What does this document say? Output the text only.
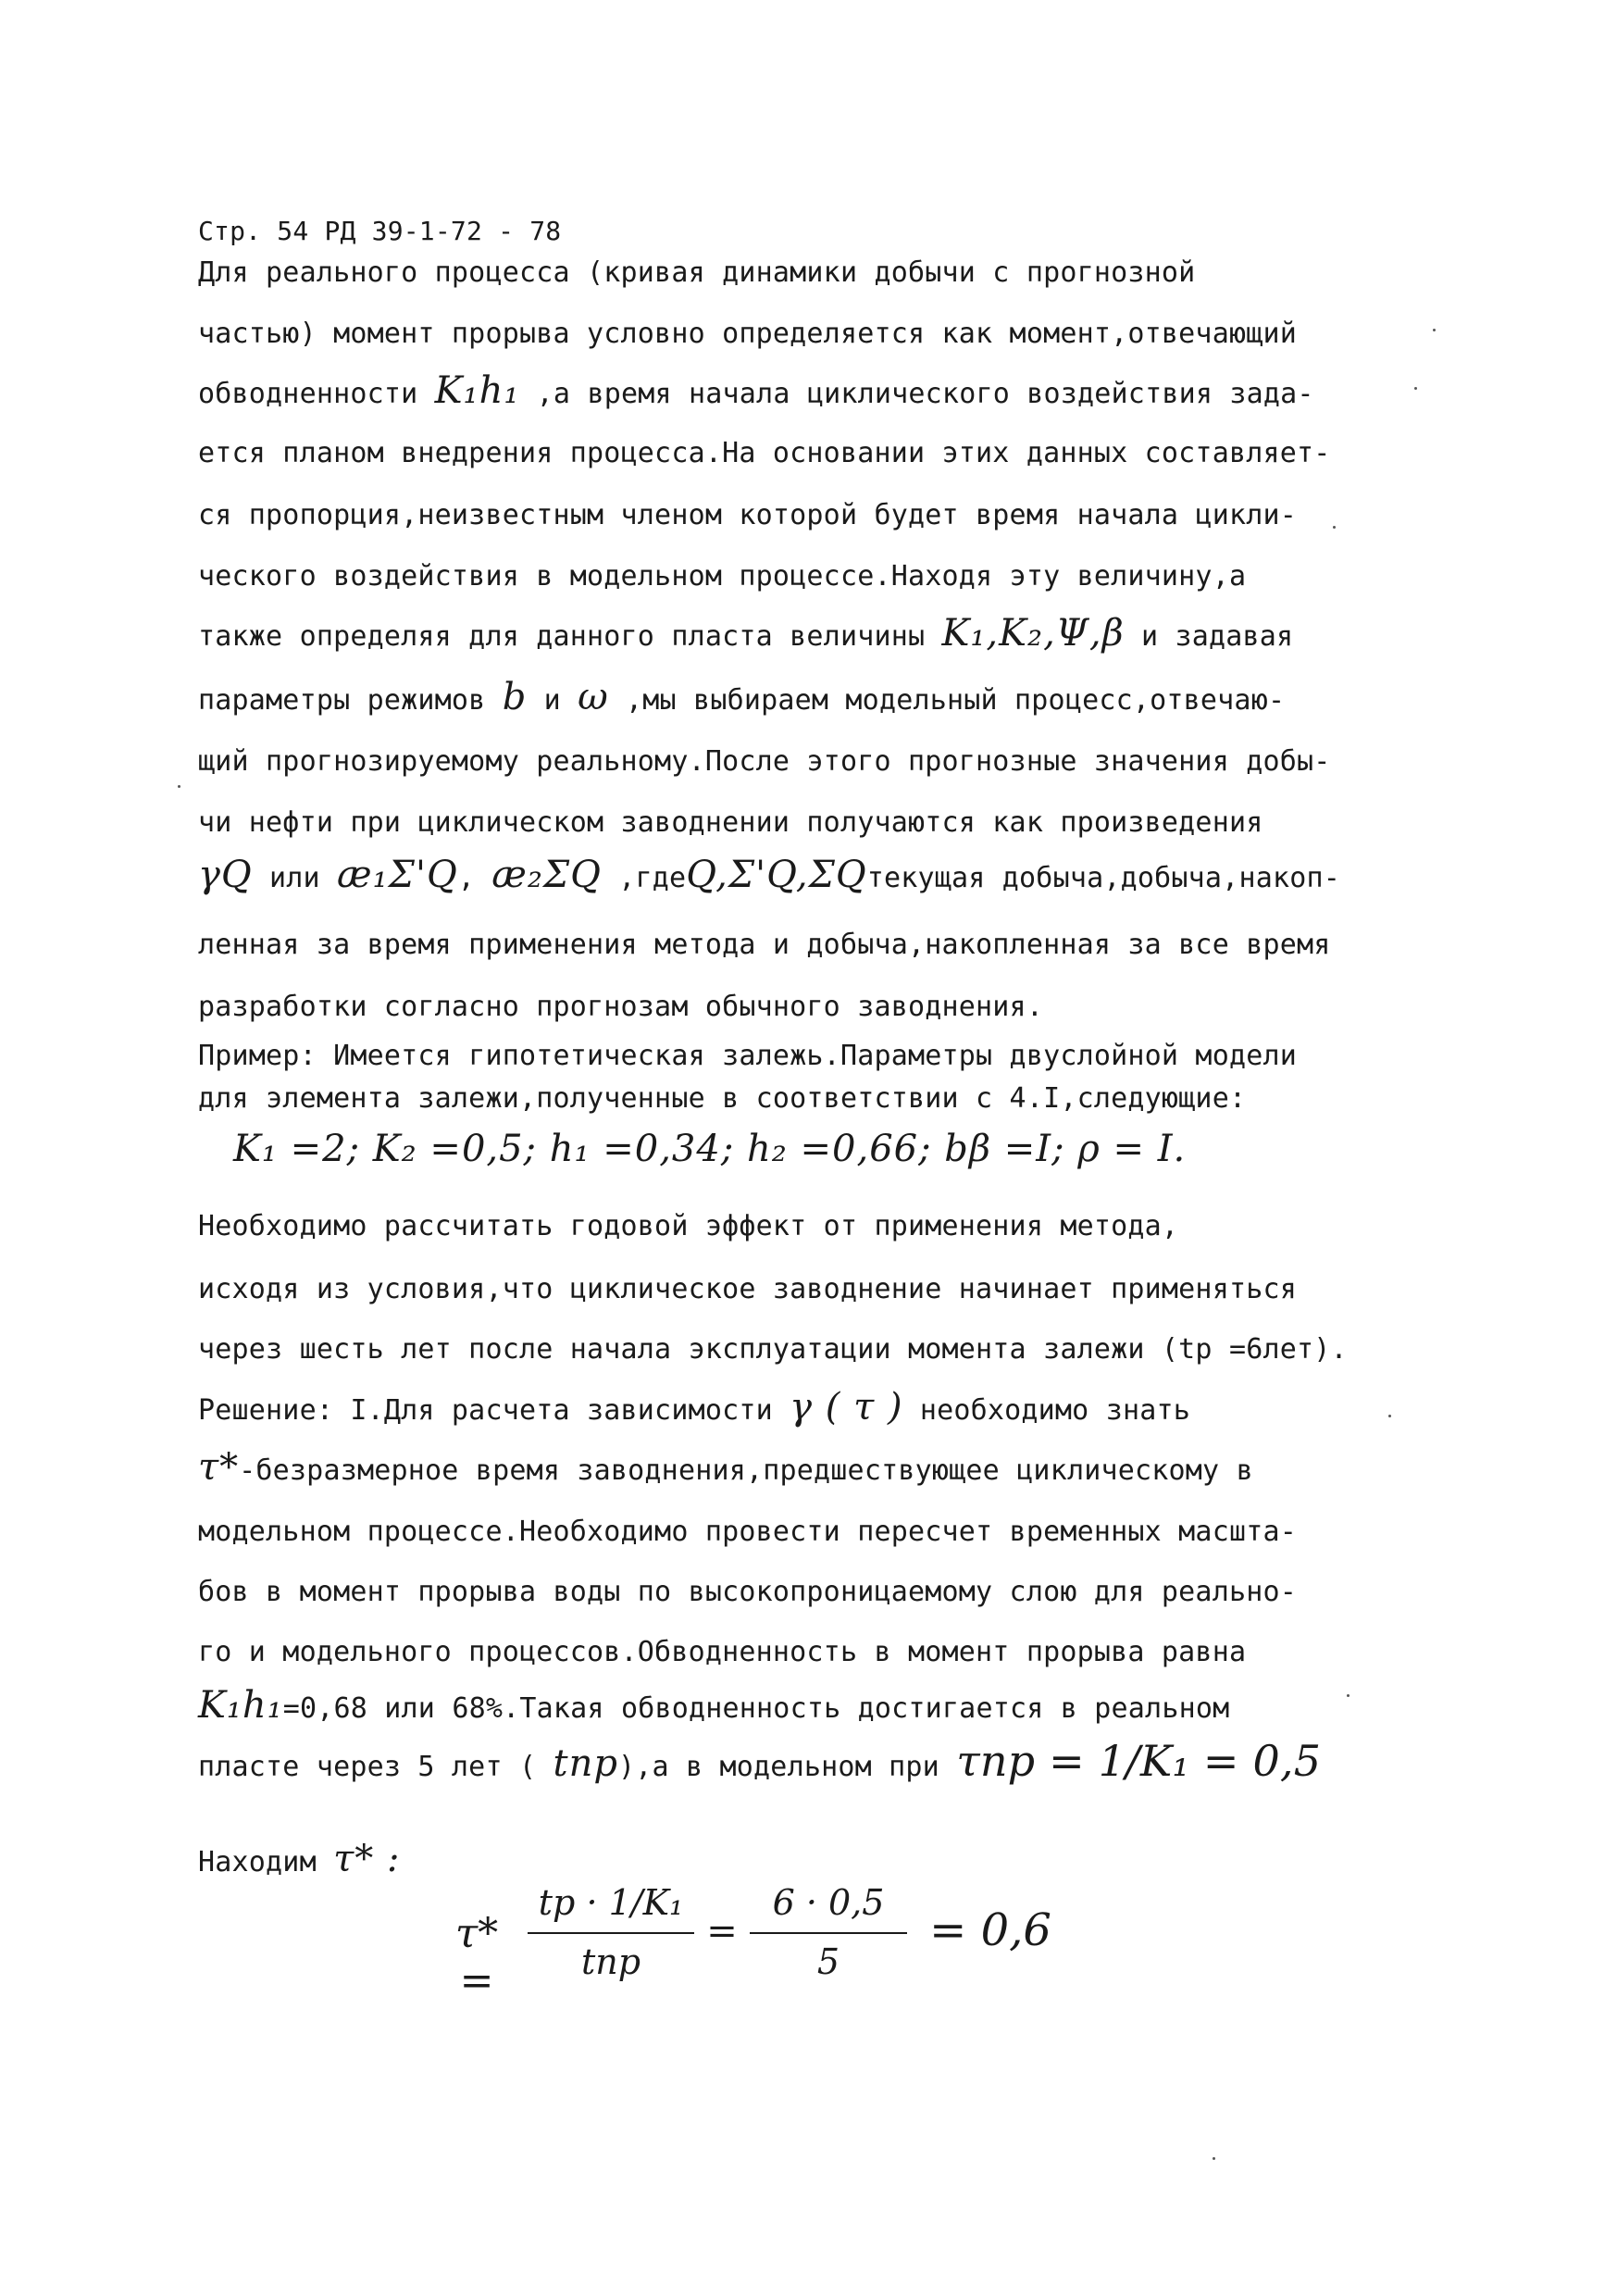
Стр. 54 РД 39-1-72 - 78
Для реального процесса (кривая динамики добычи с прогнозной
частью) момент прорыва условно определяется как момент,отвечающий
обводненности K₁h₁ ,а время начала циклического воздействия зада-
ется планом внедрения процесса.На основании этих данных составляет-
ся пропорция,неизвестным членом которой будет время начала цикли-
ческого воздействия в модельном процессе.Находя эту величину,а
также определяя для данного пласта величины K₁,K₂,Ψ,β и задавая
параметры режимов b и ω ,мы выбираем модельный процесс,отвечаю-
щий прогнозируемому реальному.После этого прогнозные значения добы-
чи нефти при циклическом заводнении получаются как произведения
γQ или æ₁Σ'Q, æ₂ΣQ ,гдеQ,Σ'Q,ΣQтекущая добыча,добыча,накоп-
ленная за время применения метода и добыча,накопленная за все время
разработки согласно прогнозам обычного заводнения.
Пример: Имеется гипотетическая залежь.Параметры двуслойной модели
для элемента залежи,полученные в соответствии с 4.I,следующие:
K₁ =2; K₂ =0,5; h₁ =0,34; h₂ =0,66; bβ =I; ρ = I.
Необходимо рассчитать годовой эффект от применения метода,
исходя из условия,что циклическое заводнение начинает применяться
через шесть лет после начала эксплуатации момента залежи (tр =6лет).
Решение: I.Для расчета зависимости γ ( τ ) необходимо знать
τ*-безразмерное время заводнения,предшествующее циклическому в
модельном процессе.Необходимо провести пересчет временных масшта-
бов в момент прорыва воды по высокопроницаемому слою для реально-
го и модельного процессов.Обводненность в момент прорыва равна
K₁h₁=0,68 или 68%.Такая обводненность достигается в реальном
пласте через 5 лет ( tпр),а в модельном при τпр = 1/K₁ = 0,5
Находим τ* :
τ* =
tр · 1/K₁
tпр
=
6 · 0,5
5
= 0,6
